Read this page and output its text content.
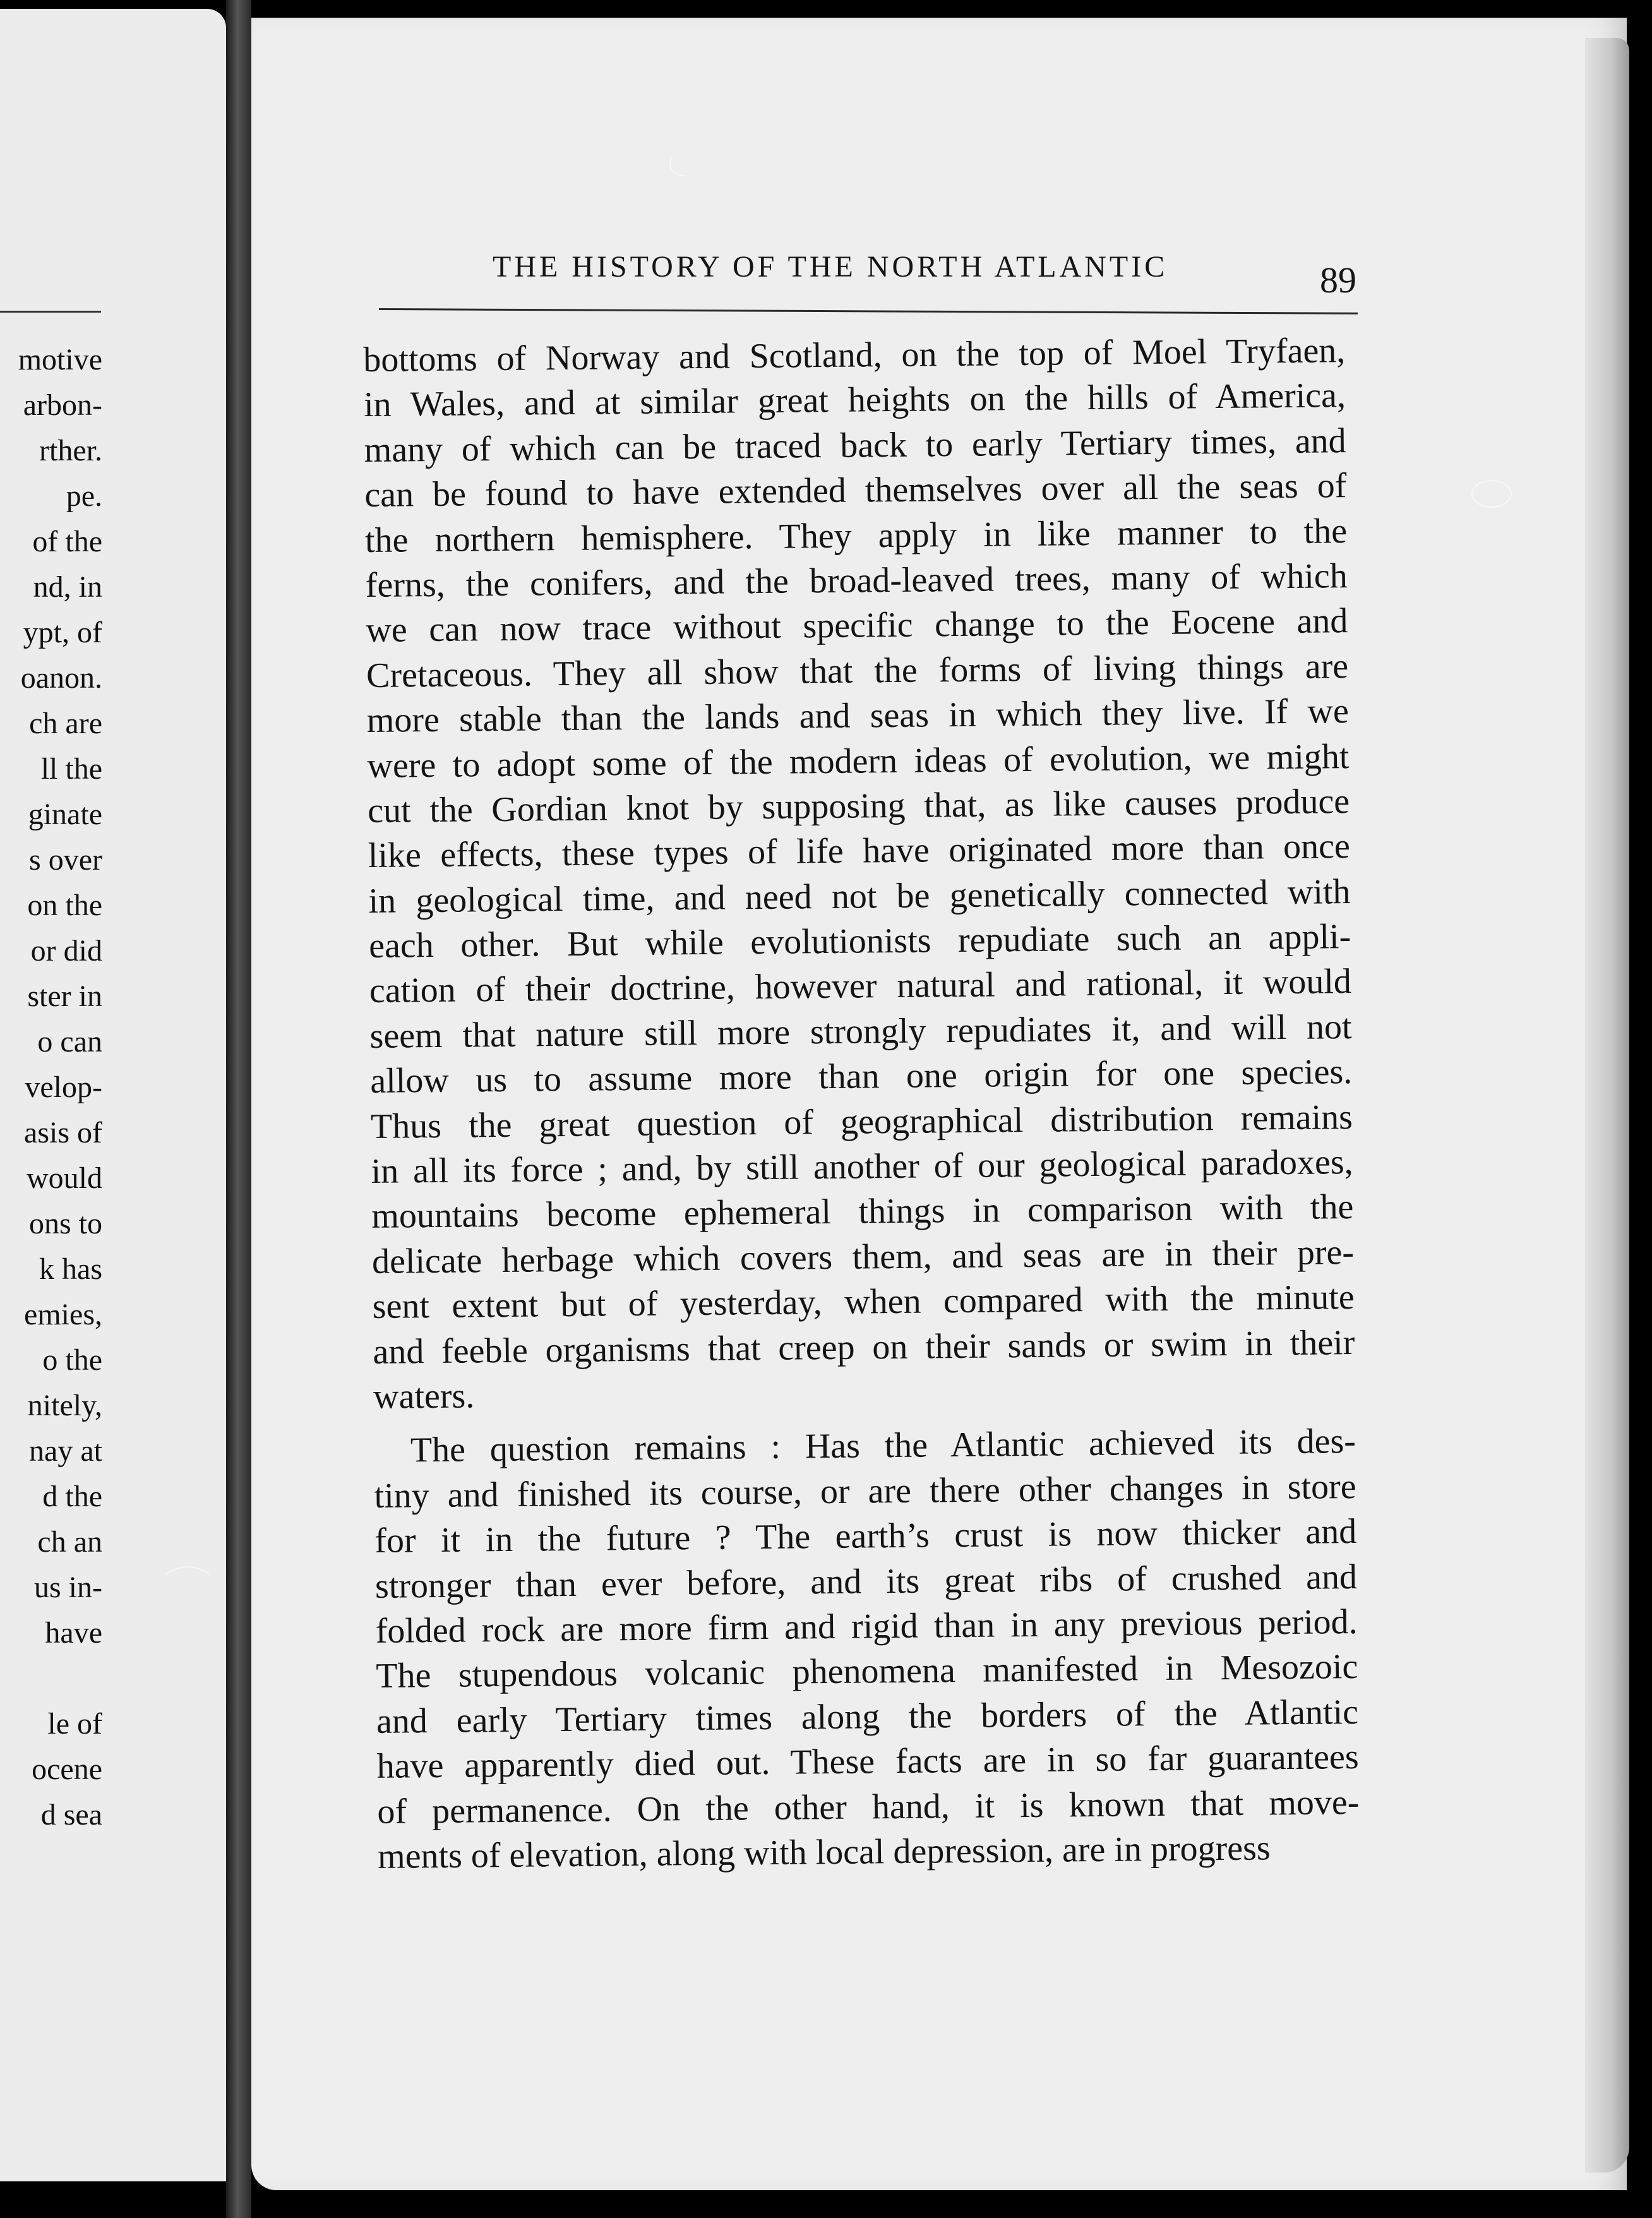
motive
arbon-
rther.
pe.
of the
nd, in
ypt, of
oanon.
ch are
ll the
ginate
s over
on the
or did
ster in
o can
velop-
asis of
would
ons to
k has
emies,
o the
nitely,
nay at
d the
ch an
us in-
have
le of
ocene
d sea
THE HISTORY OF THE NORTH ATLANTIC	89
bottoms of Norway and Scotland, on the top of Moel Tryfaen,
in Wales, and at similar great heights on the hills of America,
many of which can be traced back to early Tertiary times, and
can be found to have extended themselves over all the seas of
the northern hemisphere. They apply in like manner to the
ferns, the conifers, and the broad-leaved trees, many of which
we can now trace without specific change to the Eocene and
Cretaceous. They all show that the forms of living things are
more stable than the lands and seas in which they live. If we
were to adopt some of the modern ideas of evolution, we might
cut the Gordian knot by supposing that, as like causes produce
like effects, these types of life have originated more than once
in geological time, and need not be genetically connected with
each other. But while evolutionists repudiate such an appli-
cation of their doctrine, however natural and rational, it would
seem that nature still more strongly repudiates it, and will not
allow us to assume more than one origin for one species.
Thus the great question of geographical distribution remains
in all its force ; and, by still another of our geological paradoxes,
mountains become ephemeral things in comparison with the
delicate herbage which covers them, and seas are in their pre-
sent extent but of yesterday, when compared with the minute
and feeble organisms that creep on their sands or swim in their
waters.
The question remains : Has the Atlantic achieved its des-
tiny and finished its course, or are there other changes in store
for it in the future ? The earth’s crust is now thicker and
stronger than ever before, and its great ribs of crushed and
folded rock are more firm and rigid than in any previous period.
The stupendous volcanic phenomena manifested in Mesozoic
and early Tertiary times along the borders of the Atlantic
have apparently died out. These facts are in so far guarantees
of permanence. On the other hand, it is known that move-
ments of elevation, along with local depression, are in progress
